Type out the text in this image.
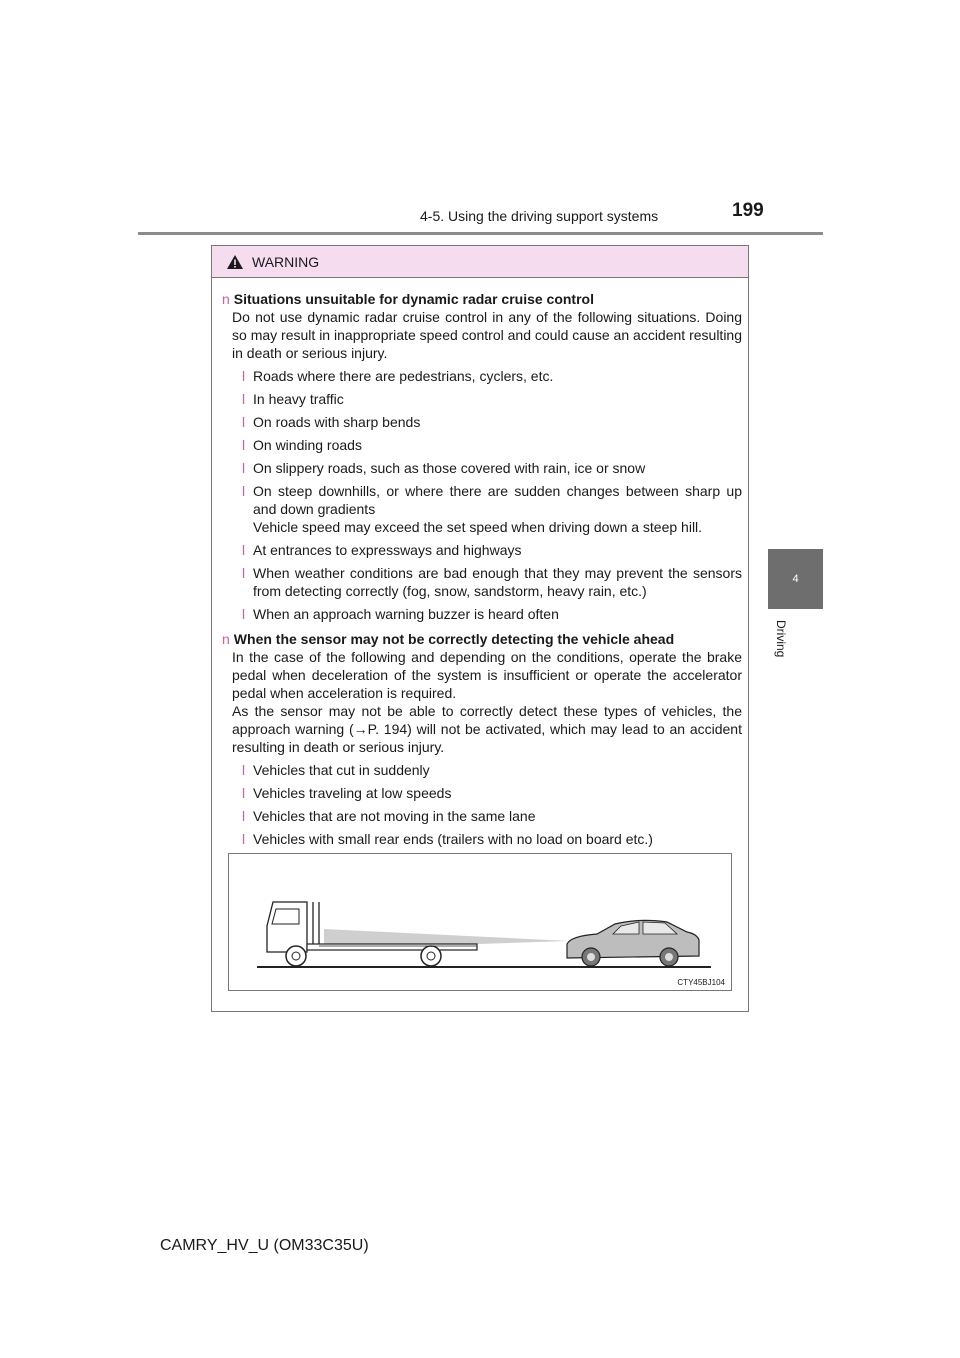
4-5. Using the driving support systems	199
4
Driving
WARNING
n Situations unsuitable for dynamic radar cruise control
Do not use dynamic radar cruise control in any of the following situations. Doing so may result in inappropriate speed control and could cause an accident resulting in death or serious injury.
l Roads where there are pedestrians, cyclers, etc.
l In heavy traffic
l On roads with sharp bends
l On winding roads
l On slippery roads, such as those covered with rain, ice or snow
l On steep downhills, or where there are sudden changes between sharp up and down gradients
Vehicle speed may exceed the set speed when driving down a steep hill.
l At entrances to expressways and highways
l When weather conditions are bad enough that they may prevent the sensors from detecting correctly (fog, snow, sandstorm, heavy rain, etc.)
l When an approach warning buzzer is heard often
n When the sensor may not be correctly detecting the vehicle ahead
In the case of the following and depending on the conditions, operate the brake pedal when deceleration of the system is insufficient or operate the accelerator pedal when acceleration is required.
As the sensor may not be able to correctly detect these types of vehicles, the approach warning (→P. 194) will not be activated, which may lead to an accident resulting in death or serious injury.
l Vehicles that cut in suddenly
l Vehicles traveling at low speeds
l Vehicles that are not moving in the same lane
l Vehicles with small rear ends (trailers with no load on board etc.)
CTY45BJ104
CAMRY_HV_U (OM33C35U)
